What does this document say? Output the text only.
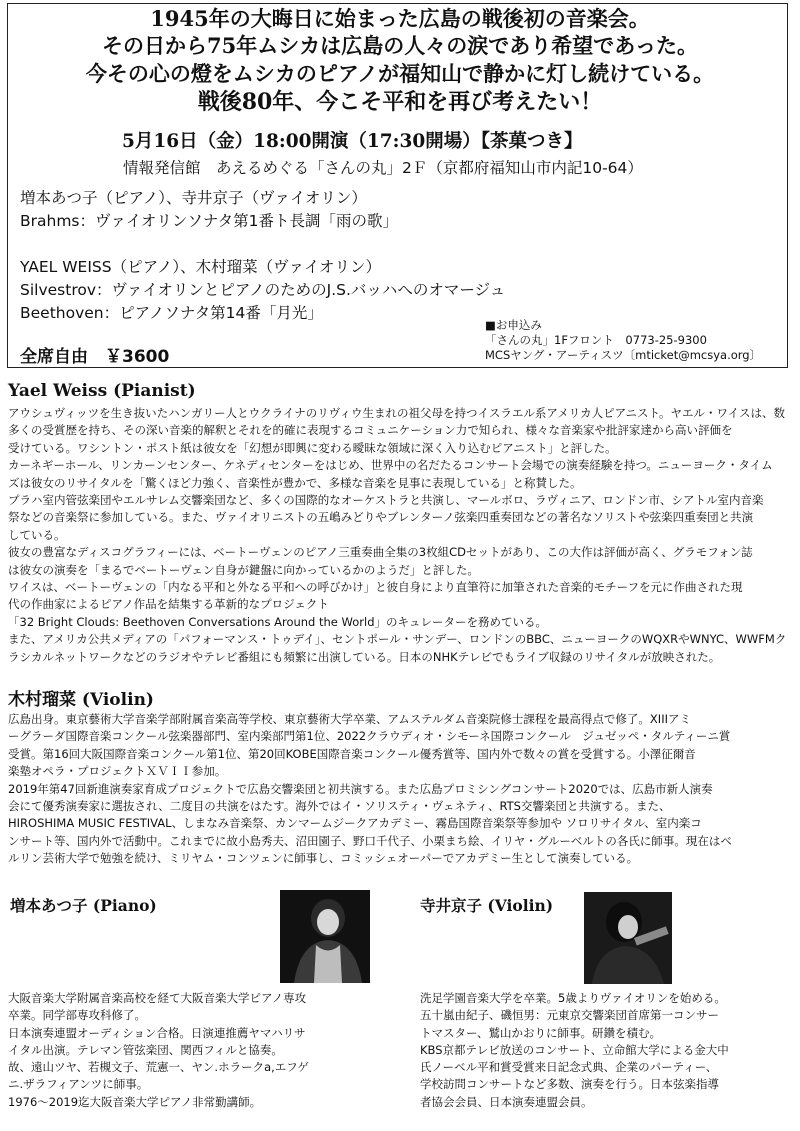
1945年の大晦日に始まった広島の戦後初の音楽会。
その日から75年ムシカは広島の人々の涙であり希望であった。
今その心の燈をムシカのピアノが福知山で静かに灯し続けている。
戦後80年、今こそ平和を再び考えたい！
5月16日（金）18:00開演（17:30開場）【茶菓つき】
情報発信館　あえるめぐる「さんの丸」2Ｆ（京都府福知山市内記10-64）
増本あつ子（ピアノ）、寺井京子（ヴァイオリン）
Brahms：ヴァイオリンソナタ第1番ト長調「雨の歌」
YAEL WEISS（ピアノ）、木村瑠菜（ヴァイオリン）
Silvestrov：ヴァイオリンとピアノのためのJ.S.バッハへのオマージュ
Beethoven：ピアノソナタ第14番「月光」
全席自由　￥3600
■お申込み
「さんの丸」1Fフロント　0773-25-9300
MCSヤング・アーティスツ〔mticket@mcsya.org〕
Yael Weiss (Pianist)

アウシュヴィッツを生き抜いたハンガリー人とウクライナのリヴィウ生まれの祖父母を持つイスラエル系アメリカ人ピアニスト。ヤエル・ワイスは、数

多くの受賞歴を持ち、その深い音楽的解釈とそれを的確に表現するコミュニケーション力で知られ、様々な音楽家や批評家達から高い評価を

受けている。ワシントン・ポスト紙は彼女を「幻想が即興に変わる曖昧な領域に深く入り込むピアニスト」と評した。

カーネギーホール、リンカーンセンター、ケネディセンターをはじめ、世界中の名だたるコンサート会場での演奏経験を持つ。ニューヨーク・タイム

ズは彼女のリサイタルを「驚くほど力強く、音楽性が豊かで、多様な音楽を見事に表現している」と称賛した。

プラハ室内管弦楽団やエルサレム交響楽団など、多くの国際的なオーケストラと共演し、マールボロ、ラヴィニア、ロンドン市、シアトル室内音楽

祭などの音楽祭に参加している。また、ヴァイオリニストの五嶋みどりやブレンターノ弦楽四重奏団などの著名なソリストや弦楽四重奏団と共演

している。

彼女の豊富なディスコグラフィーには、ベートーヴェンのピアノ三重奏曲全集の3枚組CDセットがあり、この大作は評価が高く、グラモフォン誌

は彼女の演奏を「まるでベートーヴェン自身が鍵盤に向かっているかのようだ」と評した。

ワイスは、ベートーヴェンの「内なる平和と外なる平和への呼びかけ」と彼自身により直筆符に加筆された音楽的モチーフを元に作曲された現

代の作曲家によるピアノ作品を結集する革新的なプロジェクト

「32 Bright Clouds: Beethoven Conversations Around the World」のキュレーターを務めている。

また、アメリカ公共メディアの「パフォーマンス・トゥデイ」、セントポール・サンデー、ロンドンのBBC、ニューヨークのWQXRやWNYC、WWFMク

ラシカルネットワークなどのラジオやテレビ番組にも頻繁に出演している。日本のNHKテレビでもライブ収録のリサイタルが放映された。

木村瑠菜 (Violin)

広島出身。東京藝術大学音楽学部附属音楽高等学校、東京藝術大学卒業、アムステルダム音楽院修士課程を最高得点で修了。XIIIアミ

ーグラーダ国際音楽コンクール弦楽器部門、室内楽部門第1位、2022クラウディオ・シモーネ国際コンクール　ジュゼッペ・タルティーニ賞

受賞。第16回大阪国際音楽コンクール第1位、第20回KOBE国際音楽コンクール優秀賞等、国内外で数々の賞を受賞する。小澤征爾音

楽塾オペラ・プロジェクトＸＶＩＩ参加。

2019年第47回新進演奏家育成プロジェクトで広島交響楽団と初共演する。また広島プロミシングコンサート2020では、広島市新人演奏

会にて優秀演奏家に選抜され、二度目の共演をはたす。海外ではイ・ソリスティ・ヴェネティ、RTS交響楽団と共演する。また、

HIROSHIMA MUSIC FESTIVAL、しまなみ音楽祭、カンマームジークアカデミー、霧島国際音楽祭等参加や ソロリサイタル、室内楽コ

ンサート等、国内外で活動中。これまでに故小島秀夫、沼田園子、野口千代子、小栗まち絵、イリヤ・グルーベルトの各氏に師事。現在はベ

ルリン芸術大学で勉強を続け、ミリヤム・コンツェンに師事し、コミッシェオーパーでアカデミー生として演奏している。

増本あつ子 (Piano)

大阪音楽大学附属音楽高校を経て大阪音楽大学ピアノ専攻

卒業。同学部専攻科修了。

日本演奏連盟オーディション合格。日演連推薦ヤマハリサ

イタル出演。テレマン管弦楽団、関西フィルと協奏。

故、遠山ツヤ、若槻文子、荒憲一、ヤン.ホラークa,エフゲ

ニ.ザラフィアンツに師事。

1976〜2019迄大阪音楽大学ピアノ非常勤講師。

寺井京子 (Violin)

洗足学園音楽大学を卒業。5歳よりヴァイオリンを始める。

五十嵐由紀子、磯恒男：元東京交響楽団首席第一コンサー

トマスター、鷲山かおりに師事。研鑽を積む。

KBS京都テレビ放送のコンサート、立命館大学による金大中

氏ノーベル平和賞受賞来日記念式典、企業のパーティー、

学校訪問コンサートなど多数、演奏を行う。日本弦楽指導

者協会会員、日本演奏連盟会員。
